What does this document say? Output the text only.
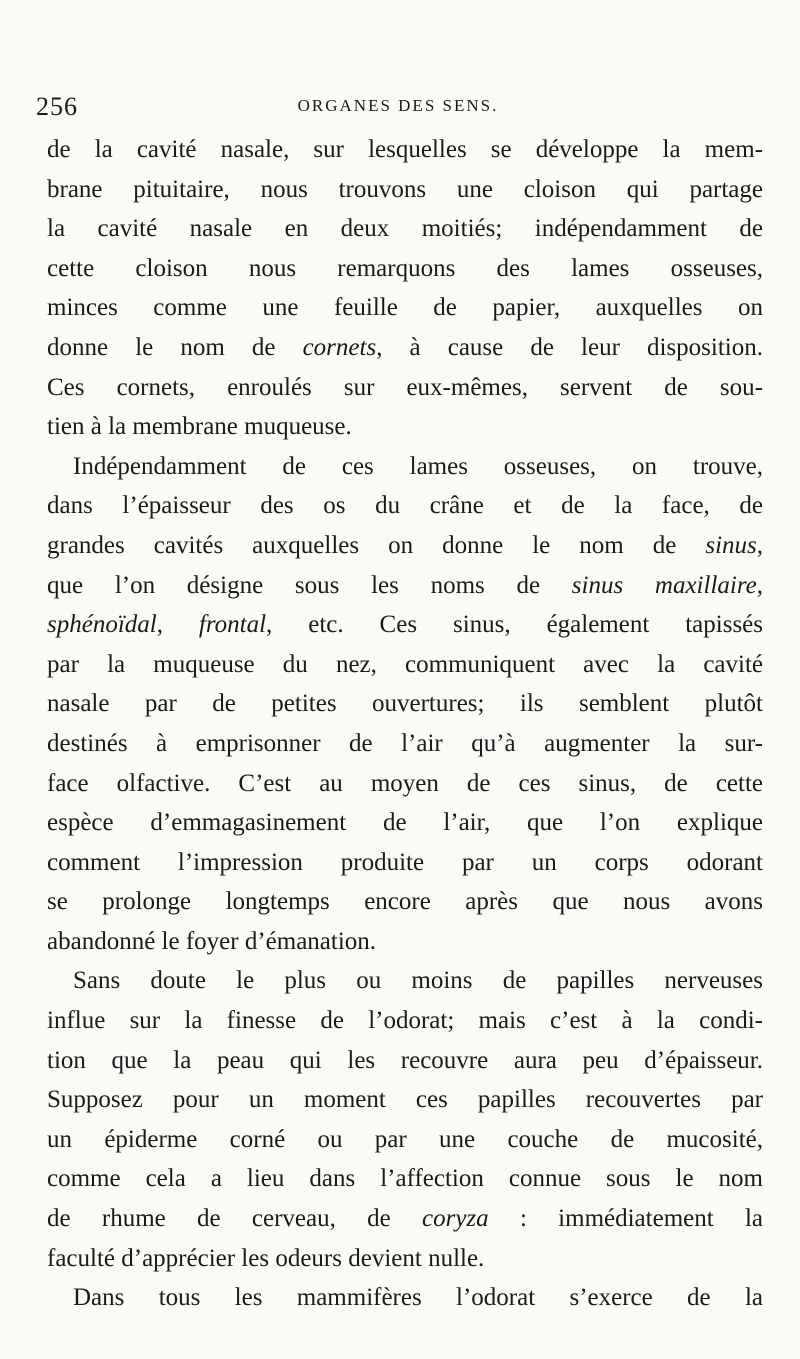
256	ORGANES DES SENS.
de la cavité nasale, sur lesquelles se développe la mem-
brane pituitaire, nous trouvons une cloison qui partage
la cavité nasale en deux moitiés; indépendamment de
cette cloison nous remarquons des lames osseuses,
minces comme une feuille de papier, auxquelles on
donne le nom de cornets, à cause de leur disposition.
Ces cornets, enroulés sur eux-mêmes, servent de sou-
tien à la membrane muqueuse.
Indépendamment de ces lames osseuses, on trouve,
dans l’épaisseur des os du crâne et de la face, de
grandes cavités auxquelles on donne le nom de sinus,
que l’on désigne sous les noms de sinus maxillaire,
sphénoïdal, frontal, etc. Ces sinus, également tapissés
par la muqueuse du nez, communiquent avec la cavité
nasale par de petites ouvertures; ils semblent plutôt
destinés à emprisonner de l’air qu’à augmenter la sur-
face olfactive. C’est au moyen de ces sinus, de cette
espèce d’emmagasinement de l’air, que l’on explique
comment l’impression produite par un corps odorant
se prolonge longtemps encore après que nous avons
abandonné le foyer d’émanation.
Sans doute le plus ou moins de papilles nerveuses
influe sur la finesse de l’odorat; mais c’est à la condi-
tion que la peau qui les recouvre aura peu d’épaisseur.
Supposez pour un moment ces papilles recouvertes par
un épiderme corné ou par une couche de mucosité,
comme cela a lieu dans l’affection connue sous le nom
de rhume de cerveau, de coryza : immédiatement la
faculté d’apprécier les odeurs devient nulle.
Dans tous les mammifères l’odorat s’exerce de la
